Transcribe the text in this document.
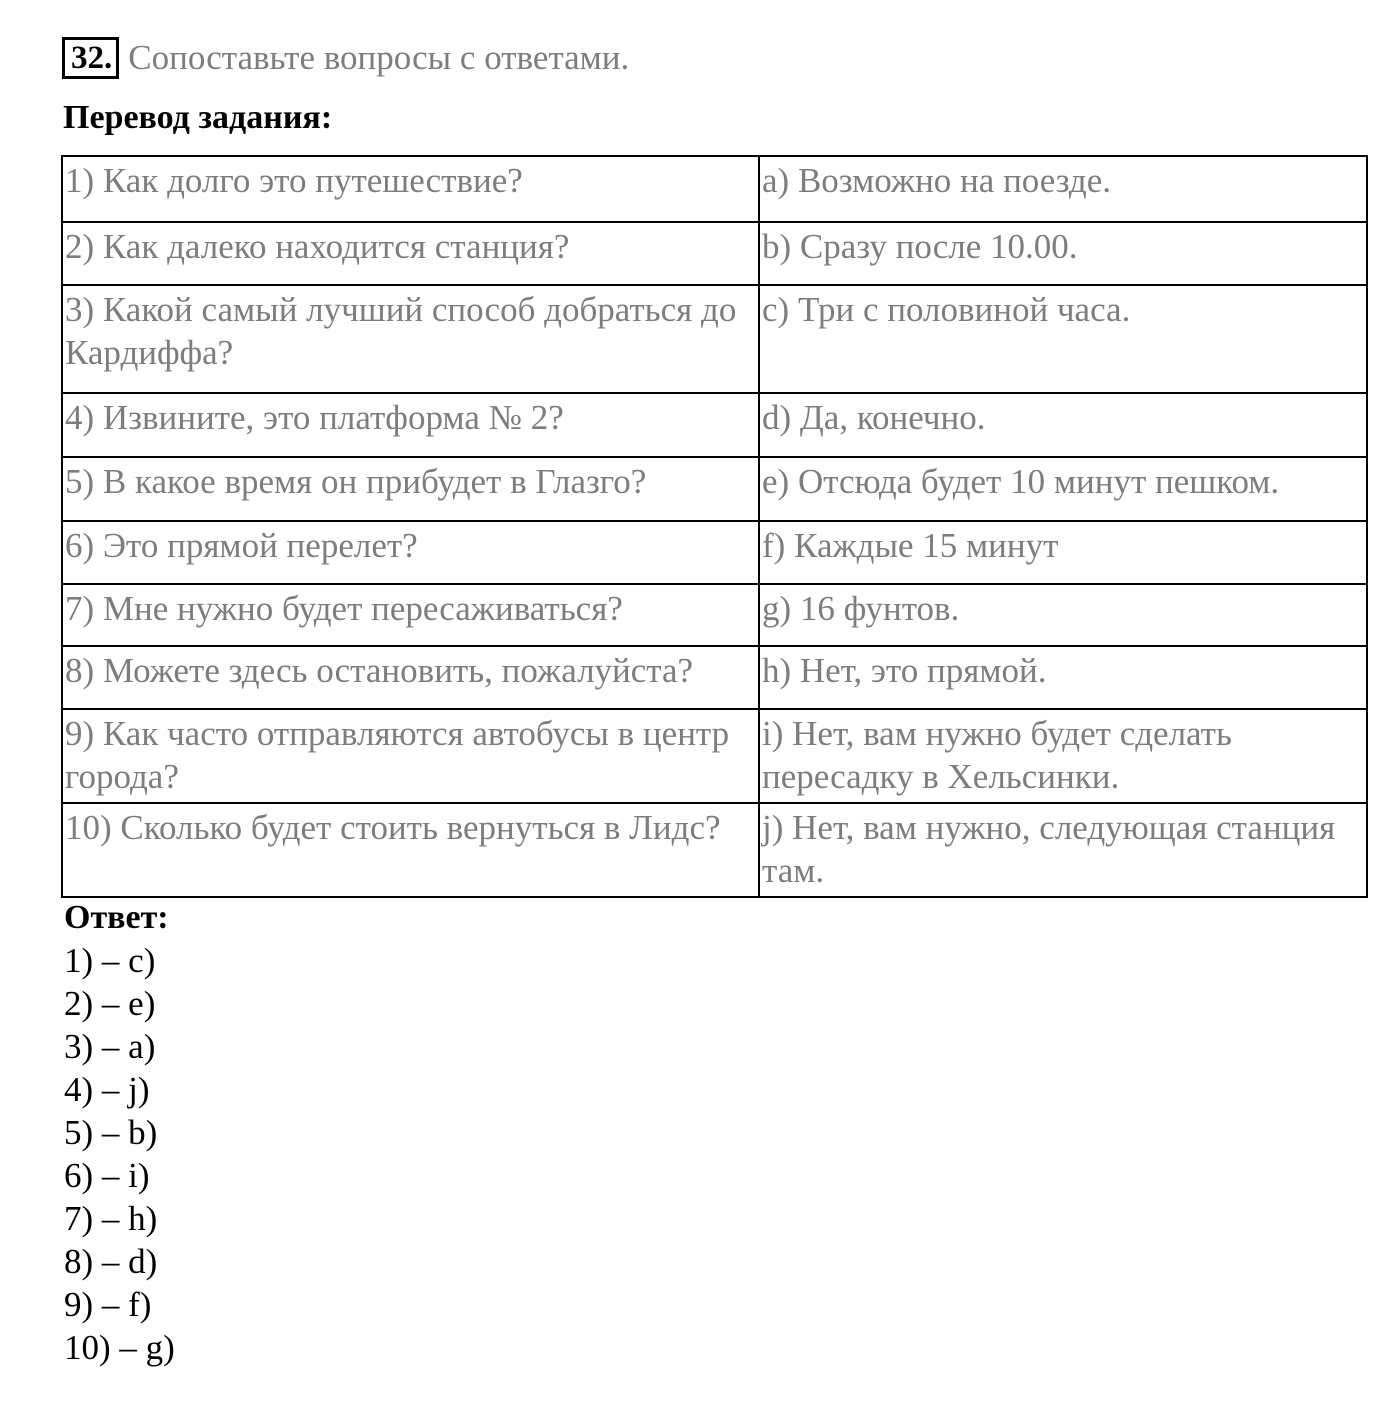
32. Сопоставьте вопросы с ответами.
Перевод задания:
1) Как долго это путешествие?	a) Возможно на поезде.
2) Как далеко находится станция?	b) Сразу после 10.00.
3) Какой самый лучший способ добраться до Кардиффа?	c) Три с половиной часа.
4) Извините, это платформа № 2?	d) Да, конечно.
5) В какое время он прибудет в Глазго?	e) Отсюда будет 10 минут пешком.
6) Это прямой перелет?	f) Каждые 15 минут
7) Мне нужно будет пересаживаться?	g) 16 фунтов.
8) Можете здесь остановить, пожалуйста?	h) Нет, это прямой.
9) Как часто отправляются автобусы в центр города?	i) Нет, вам нужно будет сделать пересадку в Хельсинки.
10) Сколько будет стоить вернуться в Лидс?	j) Нет, вам нужно, следующая станция там.
Ответ:
1) – c)
2) – e)
3) – a)
4) – j)
5) – b)
6) – i)
7) – h)
8) – d)
9) – f)
10) – g)
